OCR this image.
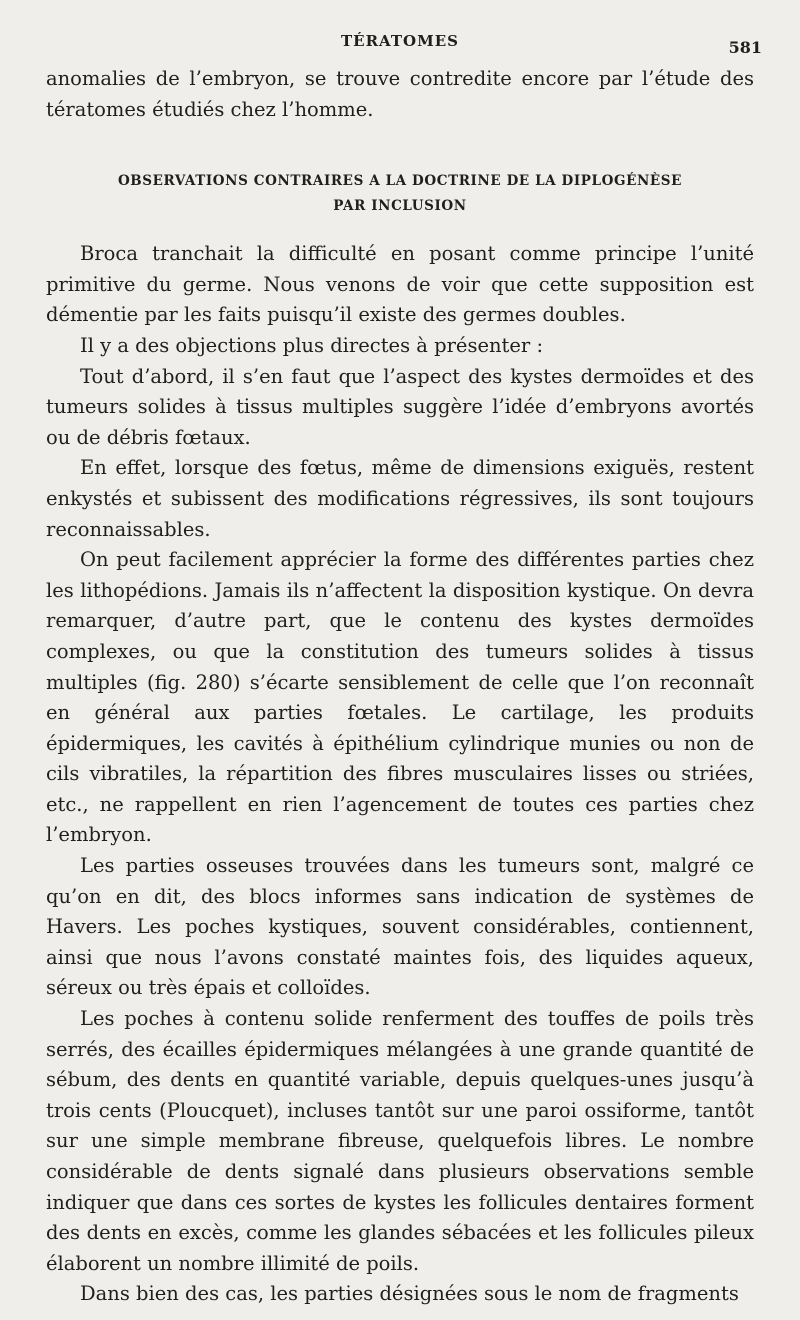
TÉRATOMES	581

anomalies de l’embryon, se trouve contredite encore par l’étude des tératomes étudiés chez l’homme.

OBSERVATIONS CONTRAIRES A LA DOCTRINE DE LA DIPLOGÉNÈSE
PAR INCLUSION

Broca tranchait la difficulté en posant comme principe l’unité primitive du germe. Nous venons de voir que cette supposition est démentie par les faits puisqu’il existe des germes doubles.

Il y a des objections plus directes à présenter :

Tout d’abord, il s’en faut que l’aspect des kystes dermoïdes et des tumeurs solides à tissus multiples suggère l’idée d’embryons avortés ou de débris fœtaux.

En effet, lorsque des fœtus, même de dimensions exiguës, restent enkystés et subissent des modifications régressives, ils sont toujours reconnaissables.

On peut facilement apprécier la forme des différentes parties chez les lithopédions. Jamais ils n’affectent la disposition kystique. On devra remarquer, d’autre part, que le contenu des kystes dermoïdes complexes, ou que la constitution des tumeurs solides à tissus multiples (fig. 280) s’écarte sensiblement de celle que l’on reconnaît en général aux parties fœtales. Le cartilage, les produits épidermiques, les cavités à épithélium cylindrique munies ou non de cils vibratiles, la répartition des fibres musculaires lisses ou striées, etc., ne rappellent en rien l’agencement de toutes ces parties chez l’embryon.

Les parties osseuses trouvées dans les tumeurs sont, malgré ce qu’on en dit, des blocs informes sans indication de systèmes de Havers. Les poches kystiques, souvent considérables, contiennent, ainsi que nous l’avons constaté maintes fois, des liquides aqueux, séreux ou très épais et colloïdes.

Les poches à contenu solide renferment des touffes de poils très serrés, des écailles épidermiques mélangées à une grande quantité de sébum, des dents en quantité variable, depuis quelques-unes jusqu’à trois cents (Ploucquet), incluses tantôt sur une paroi ossiforme, tantôt sur une simple membrane fibreuse, quelquefois libres. Le nombre considérable de dents signalé dans plusieurs observations semble indiquer que dans ces sortes de kystes les follicules dentaires forment des dents en excès, comme les glandes sébacées et les follicules pileux élaborent un nombre illimité de poils.

Dans bien des cas, les parties désignées sous le nom de fragments
